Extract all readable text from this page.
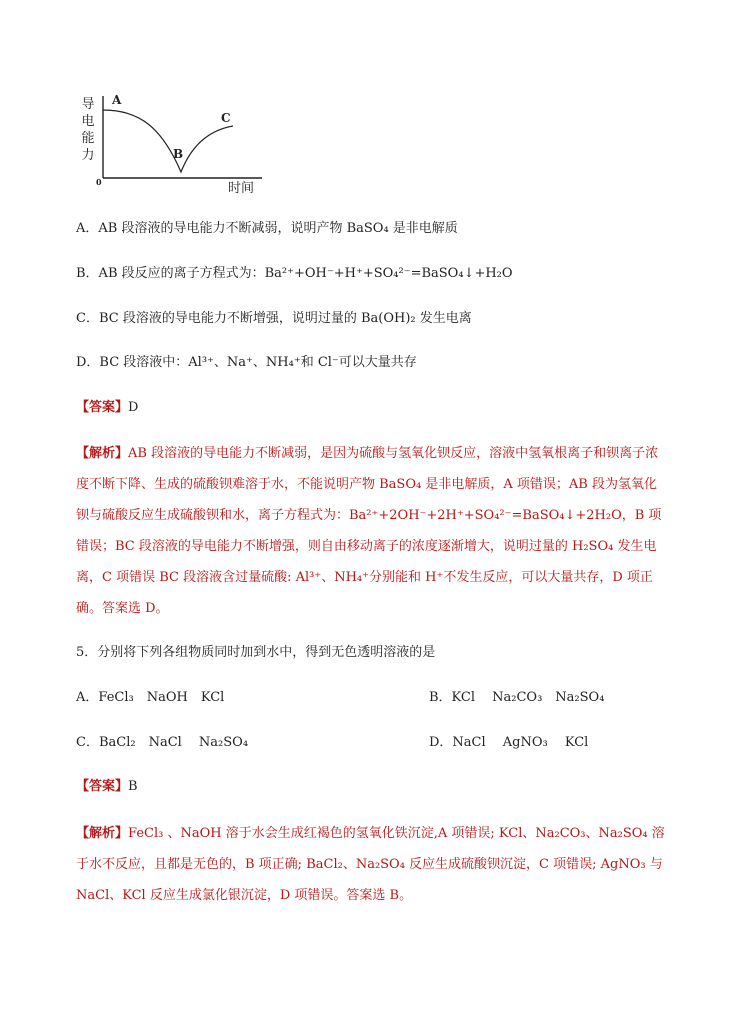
导
电
能
力
0	时间
A
B
C
A．AB 段溶液的导电能力不断减弱，说明产物 BaSO₄ 是非电解质
B．AB 段反应的离子方程式为：Ba²⁺+OH⁻+H⁺+SO₄²⁻=BaSO₄↓+H₂O
C．BC 段溶液的导电能力不断增强，说明过量的 Ba(OH)₂ 发生电离
D．BC 段溶液中：Al³⁺、Na⁺、NH₄⁺和 Cl⁻可以大量共存
【答案】D
【解析】AB 段溶液的导电能力不断减弱，是因为硫酸与氢氧化钡反应，溶液中氢氧根离子和钡离子浓度不断下降、生成的硫酸钡难溶于水，不能说明产物 BaSO₄ 是非电解质，A 项错误；AB 段为氢氧化钡与硫酸反应生成硫酸钡和水，离子方程式为：Ba²⁺+2OH⁻+2H⁺+SO₄²⁻=BaSO₄↓+2H₂O，B 项错误；BC 段溶液的导电能力不断增强，则自由移动离子的浓度逐渐增大，说明过量的 H₂SO₄ 发生电离，C 项错误 BC 段溶液含过量硫酸: Al³⁺、NH₄⁺分别能和 H⁺不发生反应，可以大量共存，D 项正确。答案选 D。
5．分别将下列各组物质同时加到水中，得到无色透明溶液的是
A．FeCl₃　NaOH　KCl	B．KCl　 Na₂CO₃　Na₂SO₄
C．BaCl₂　NaCl　 Na₂SO₄	D．NaCl　 AgNO₃　 KCl
【答案】B
【解析】FeCl₃ 、NaOH 溶于水会生成红褐色的氢氧化铁沉淀,A 项错误; KCl、Na₂CO₃、Na₂SO₄ 溶于水不反应，且都是无色的，B 项正确; BaCl₂、Na₂SO₄ 反应生成硫酸钡沉淀，C 项错误; AgNO₃ 与 NaCl、KCl 反应生成氯化银沉淀，D 项错误。答案选 B。
